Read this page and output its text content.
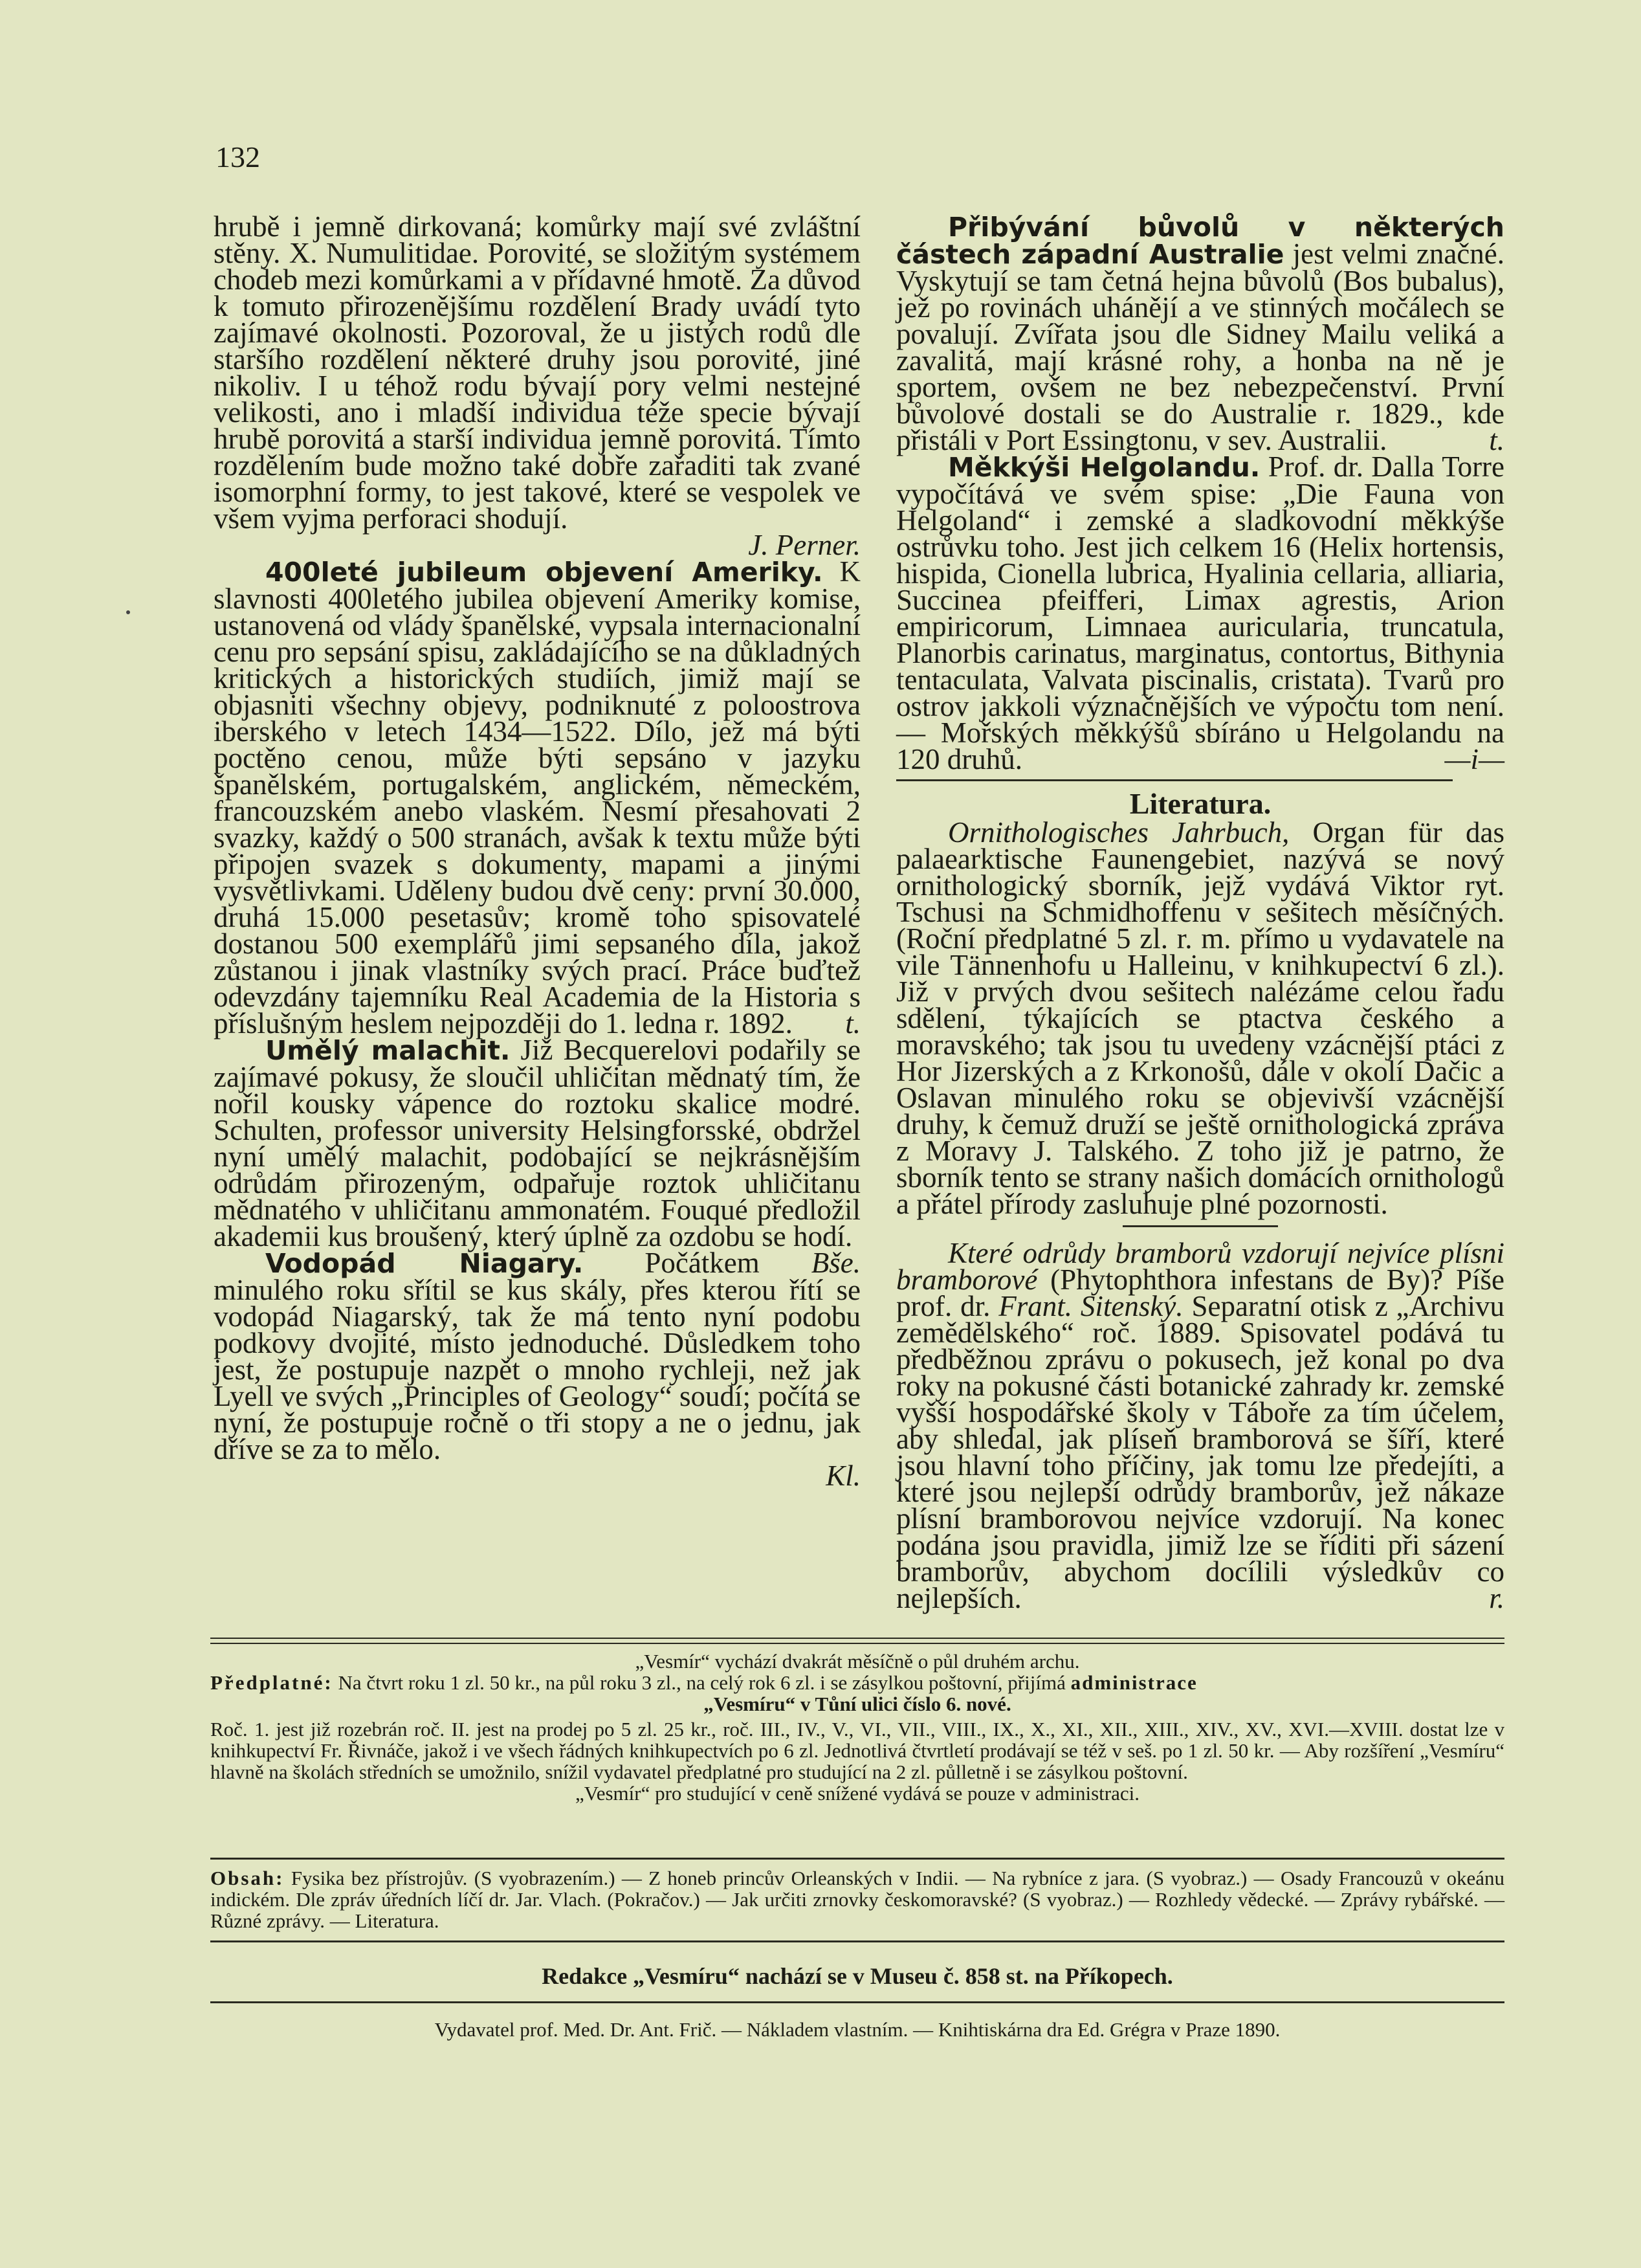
132

hrubě i jemně dirkovaná; komůrky mají své zvláštní stěny. X. Numulitidae. Porovité, se složitým systémem chodeb mezi komůrkami a v přídavné hmotě. Za důvod k tomuto přirozenějšímu rozdělení Brady uvádí tyto zajímavé okolnosti. Pozoroval, že u jistých rodů dle staršího rozdělení některé druhy jsou porovité, jiné nikoliv. I u téhož rodu bývají pory velmi nestejné velikosti, ano i mladší individua téže specie bývají hrubě porovitá a starší individua jemně porovitá. Tímto rozdělením bude možno také dobře zařaditi tak zvané isomorphní formy, to jest takové, které se vespolek ve všem vyjma perforaci shodují.

J. Perner.

400leté jubileum objevení Ameriky. K slavnosti 400letého jubilea objevení Ameriky komise, ustanovená od vlády španělské, vypsala internacionalní cenu pro sepsání spisu, zakládajícího se na důkladných kritických a historických studiích, jimiž mají se objasniti všechny objevy, podniknuté z poloostrova iberského v letech 1434—1522. Dílo, jež má býti poctěno cenou, může býti sepsáno v jazyku španělském, portugalském, anglickém, německém, francouzském anebo vlaském. Nesmí přesahovati 2 svazky, každý o 500 stranách, avšak k textu může býti připojen svazek s dokumenty, mapami a jinými vysvětlivkami. Uděleny budou dvě ceny: první 30.000, druhá 15.000 pesetasův; kromě toho spisovatelé dostanou 500 exemplářů jimi sepsaného díla, jakož zůstanou i jinak vlastníky svých prací. Práce buďtež odevzdány tajemníku Real Academia de la Historia s příslušným heslem nejpozději do 1. ledna r. 1892.	t.

Umělý malachit. Již Becquerelovi podařily se zajímavé pokusy, že sloučil uhličitan mědnatý tím, že nořil kousky vápence do roztoku skalice modré. Schulten, professor university Helsingforsské, obdržel nyní umělý malachit, podobající se nejkrásnějším odrůdám přirozeným, odpařuje roztok uhličitanu mědnatého v uhličitanu ammonatém. Fouqué předložil akademii kus broušený, který úplně za ozdobu se hodí.
Bše.

Vodopád Niagary. Počátkem minulého roku sřítil se kus skály, přes kterou řítí se vodopád Niagarský, tak že má tento nyní podobu podkovy dvojité, místo jednoduché. Důsledkem toho jest, že postupuje nazpět o mnoho rychleji, než jak Lyell ve svých „Principles of Geology“ soudí; počítá se nyní, že postupuje ročně o tři stopy a ne o jednu, jak dříve se za to mělo.

Kl.

Přibývání bůvolů v některých částech západní Australie jest velmi značné. Vyskytují se tam četná hejna bůvolů (Bos bubalus), jež po rovinách uhánějí a ve stinných močálech se povalují. Zvířata jsou dle Sidney Mailu veliká a zavalitá, mají krásné rohy, a honba na ně je sportem, ovšem ne bez nebezpečenství. První bůvolové dostali se do Australie r. 1829., kde přistáli v Port Essingtonu, v sev. Australii.	t.

Měkkýši Helgolandu. Prof. dr. Dalla Torre vypočítává ve svém spise: „Die Fauna von Helgoland“ i zemské a sladkovodní měkkýše ostrůvku toho. Jest jich celkem 16 (Helix hortensis, hispida, Cionella lubrica, Hyalinia cellaria, alliaria, Succinea pfeifferi, Limax agrestis, Arion empiricorum, Limnaea auricularia, truncatula, Planorbis carinatus, marginatus, contortus, Bithynia tentaculata, Valvata piscinalis, cristata). Tvarů pro ostrov jakkoli význačnějších ve výpočtu tom není. — Mořských měkkýšů sbíráno u Helgolandu na 120 druhů.	—i—

Literatura.

Ornithologisches Jahrbuch, Organ für das palaearktische Faunengebiet, nazývá se nový ornithologický sborník, jejž vydává Viktor ryt. Tschusi na Schmidhoffenu v sešitech měsíčných. (Roční předplatné 5 zl. r. m. přímo u vydavatele na vile Tännenhofu u Halleinu, v knihkupectví 6 zl.). Již v prvých dvou sešitech nalézáme celou řadu sdělení, týkajících se ptactva českého a moravského; tak jsou tu uvedeny vzácnější ptáci z Hor Jizerských a z Krkonošů, dále v okolí Dačic a Oslavan minulého roku se objevivší vzácnější druhy, k čemuž druží se ještě ornithologická zpráva z Moravy J. Talského. Z toho již je patrno, že sborník tento se strany našich domácích ornithologů a přátel přírody zasluhuje plné pozornosti.

Které odrůdy bramborů vzdorují nejvíce plísni bramborové (Phytophthora infestans de By)? Píše prof. dr. Frant. Sitenský. Separatní otisk z „Archivu zemědělského“ roč. 1889. Spisovatel podává tu předběžnou zprávu o pokusech, jež konal po dva roky na pokusné části botanické zahrady kr. zemské vyšší hospodářské školy v Táboře za tím účelem, aby shledal, jak plíseň bramborová se šíří, které jsou hlavní toho příčiny, jak tomu lze předejíti, a které jsou nejlepší odrůdy bramborův, jež nákaze plísní bramborovou nejvíce vzdorují. Na konec podána jsou pravidla, jimiž lze se říditi při sázení bramborův, abychom docílili výsledkův co nejlepších.	r.

„Vesmír“ vychází dvakrát měsíčně o půl druhém archu.
Předplatné: Na čtvrt roku 1 zl. 50 kr., na půl roku 3 zl., na celý rok 6 zl. i se zásylkou poštovní, přijímá administrace
„Vesmíru“ v Tůní ulici číslo 6. nové.
Roč. 1. jest již rozebrán roč. II. jest na prodej po 5 zl. 25 kr., roč. III., IV., V., VI., VII., VIII., IX., X., XI., XII., XIII., XIV., XV., XVI.—XVIII. dostat lze v knihkupectví Fr. Řivnáče, jakož i ve všech řádných knihkupectvích po 6 zl. Jednotlivá čtvrtletí prodávají se též v seš. po 1 zl. 50 kr. — Aby rozšíření „Vesmíru“ hlavně na školách středních se umožnilo, snížil vydavatel předplatné pro studující na 2 zl. půlletně i se zásylkou poštovní.
„Vesmír“ pro studující v ceně snížené vydává se pouze v administraci.
Obsah: Fysika bez přístrojův. (S vyobrazením.) — Z honeb princův Orleanských v Indii. — Na rybníce z jara. (S vyobraz.) — Osady Francouzů v okeánu indickém. Dle zpráv úředních líčí dr. Jar. Vlach. (Pokračov.) — Jak určiti zrnovky českomoravské? (S vyobraz.) — Rozhledy vědecké. — Zprávy rybářské. — Různé zprávy. — Literatura.
Redakce „Vesmíru“ nachází se v Museu č. 858 st. na Příkopech.
Vydavatel prof. Med. Dr. Ant. Frič. — Nákladem vlastním. — Knihtiskárna dra Ed. Grégra v Praze 1890.
